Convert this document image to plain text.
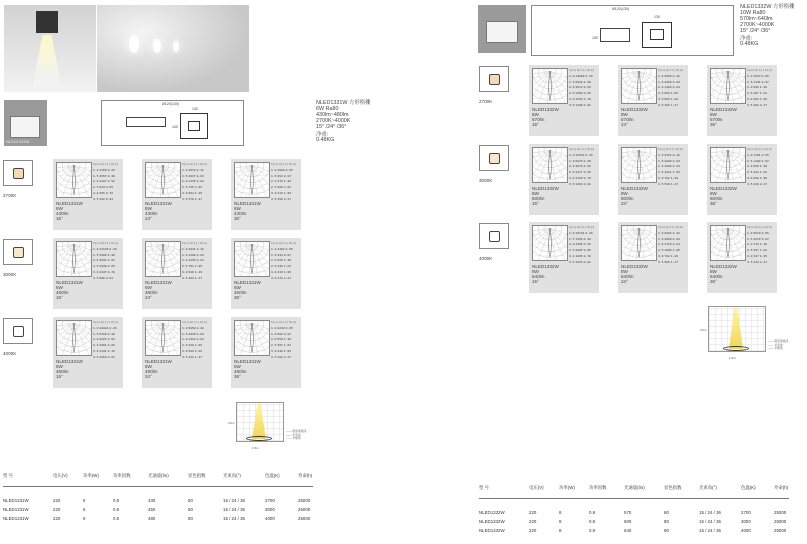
2700K
h(m) E(lx) D(m)
1.0 1156 0.26
1.5 2567 0.39
2.0 1287 0.52
2.5 824 0.65
3.0 455 0.78
3.5 322 0.91
NLED1331W
6W
430lm
15°
h(m) E(lx) D(m)
1.0 4570 0.42
1.5 2017 0.63
2.0 1135 0.84
2.5 725 1.05
3.0 504 1.26
3.5 370 1.47
NLED1331W
6W
430lm
24°
h(m) E(lx) D(m)
1.0 1929 0.65
1.5 852 0.97
2.0 478 1.30
2.5 306 1.62
3.0 213 1.95
3.5 158 2.27
NLED1331W
6W
430lm
36°
3000K
h(m) E(lx) D(m)
1.0 12125 0.26
1.5 5389 0.39
2.0 3031 0.52
2.5 1940 0.65
3.0 1347 0.78
3.5 990 0.91
NLED1331W
6W
450lm
15°
h(m) E(lx) D(m)
1.0 4941 0.42
1.5 2196 0.63
2.0 1235 0.84
2.5 791 1.05
3.0 549 1.26
3.5 403 1.47
NLED1331W
6W
450lm
24°
h(m) E(lx) D(m)
1.0 2102 0.65
1.5 934 0.97
2.0 525 1.30
2.5 336 1.62
3.0 233 1.95
3.5 172 2.27
NLED1331W
6W
450lm
36°
4000K
h(m) E(lx) D(m)
1.0 12884 0.26
1.5 5726 0.39
2.0 3221 0.52
2.5 2061 0.65
3.0 1431 0.78
3.5 1052 0.91
NLED1331W
6W
480lm
15°
h(m) E(lx) D(m)
1.0 5250 0.42
1.5 2333 0.63
2.0 1312 0.84
2.5 840 1.05
3.0 583 1.26
3.5 428 1.47
NLED1331W
6W
480lm
24°
h(m) E(lx) D(m)
1.0 2233 0.65
1.5 992 0.97
2.0 558 1.30
2.5 357 1.62
3.0 248 1.95
3.5 182 2.27
NLED1331W
6W
480lm
36°
型 号	电压(V)	功率(W)	功率因数	光通量(lm)	显色指数	光束角(°)	色温(K)	寿命(h)
NLED1331W	220	6	0.9	430	80	15 / 24 / 36	2700	25000
NLED1331W	220	6	0.9	450	80	15 / 24 / 36	3000	25000
NLED1331W	220	6	0.9	480	80	15 / 24 / 36	4000	25000
2700K
h(m) E(lx) D(m)
1.0 14689 0.26
1.5 6528 0.39
2.0 3672 0.52
2.5 2350 0.65
3.0 1632 0.78
3.5 1199 0.91
NLED1332W
8W
570lm
15°
h(m) E(lx) D(m)
1.0 5985 0.42
1.5 2660 0.63
2.0 1496 0.84
2.5 958 1.05
3.0 665 1.26
3.5 489 1.47
NLED1332W
8W
570lm
24°
h(m) E(lx) D(m)
1.0 4523 0.65
1.5 1131 0.97
2.0 636 1.30
2.5 407 1.62
3.0 283 1.95
3.5 208 2.27
NLED1332W
8W
570lm
36°
3000K
h(m) E(lx) D(m)
1.0 15478 0.26
1.5 6879 0.39
2.0 3870 0.52
2.5 2477 0.65
3.0 1720 0.78
3.5 1264 0.91
NLED1332W
8W
600lm
15°
h(m) E(lx) D(m)
1.0 6321 0.42
1.5 2809 0.63
2.0 1580 0.84
2.5 1011 1.05
3.0 702 1.26
3.5 516 1.47
NLED1332W
8W
600lm
24°
h(m) E(lx) D(m)
1.0 4761 0.65
1.5 1190 0.97
2.0 669 1.30
2.5 428 1.62
3.0 298 1.95
3.5 219 2.27
NLED1332W
8W
600lm
36°
4000K
h(m) E(lx) D(m)
1.0 16784 0.26
1.5 7459 0.39
2.0 4196 0.52
2.5 2685 0.65
3.0 1865 0.78
3.5 1370 0.91
NLED1332W
8W
640lm
15°
h(m) E(lx) D(m)
1.0 6862 0.42
1.5 3050 0.63
2.0 1715 0.84
2.5 1098 1.05
3.0 762 1.26
3.5 560 1.47
NLED1332W
8W
640lm
24°
h(m) E(lx) D(m)
1.0 5078 0.65
1.5 1270 0.97
2.0 714 1.30
2.5 457 1.62
3.0 317 1.95
3.5 233 2.27
NLED1332W
8W
640lm
36°
型 号	电压(V)	功率(W)	功率因数	光通量(lm)	显色指数	光束角(°)	色温(K)	寿命(h)
NLED1332W	220	8	0.9	570	80	15 / 24 / 36	2700	25000
NLED1332W	220	8	0.9	600	80	15 / 24 / 36	3000	25000
NLED1332W	220	8	0.9	640	80	15 / 24 / 36	4000	25000
NLED1331W
Ø120(130)
130
100
NLED1331W 方形格栅
6W Ra80
430lm~480lm
2700K~4000K
15° /24° /36°
净重:
0.48KG
Ø120(130)
130
100
NLED1332W 方形格栅
10W Ra80
570lm~640lm
2700K~4000K
15° /24° /36°
净重:
0.48KG
—— 照度等值线
—— 光束角
—— 半峰角
1.5m
3.0m
—— 照度等值线
—— 光束角
—— 半峰角
1.5m
3.0m
